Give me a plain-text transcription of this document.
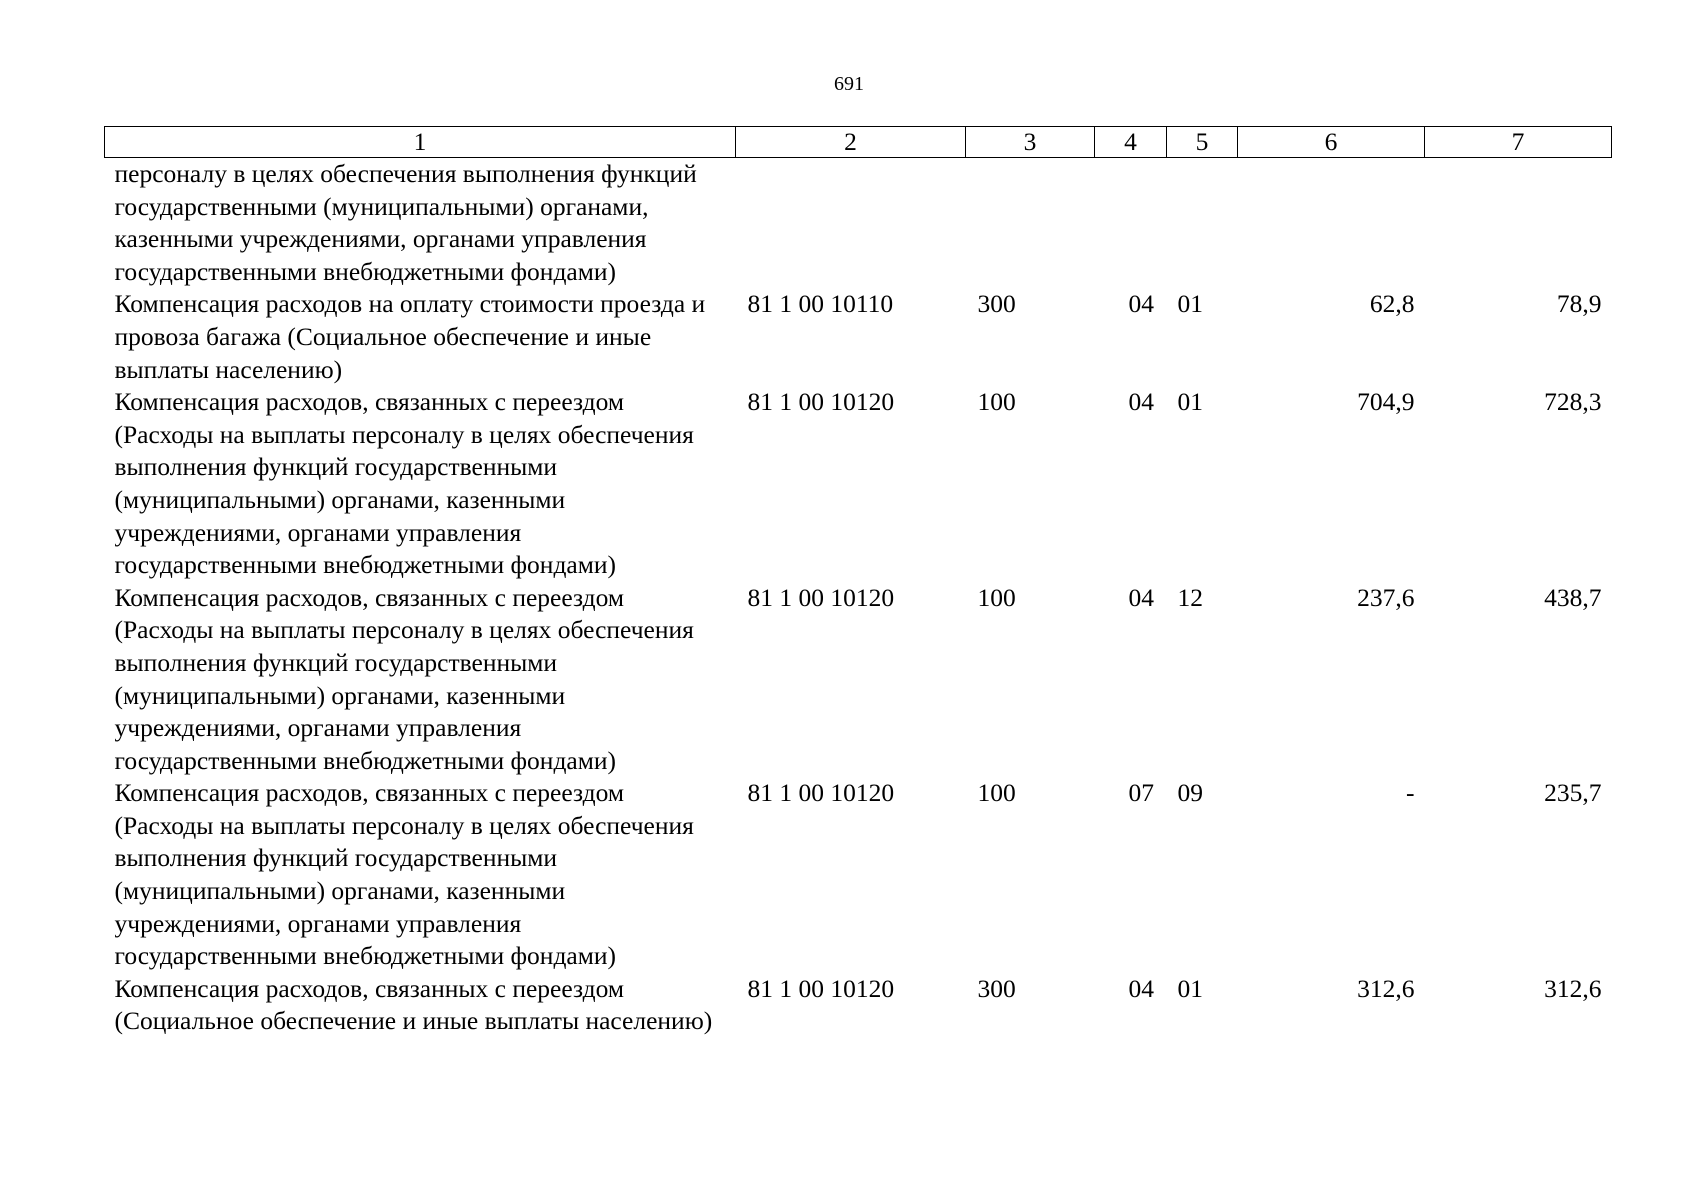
691
1	2	3	4	5	6	7
персоналу в целях обеспечения выполнения функций государственными (муниципальными) органами, казенными учреждениями, органами управления государственными внебюджетными фондами)						
Компенсация расходов на оплату стоимости проезда и провоза багажа (Социальное обеспечение и иные выплаты населению)	81 1 00 10110	300	04	01	62,8	78,9
Компенсация расходов, связанных с переездом (Расходы на выплаты персоналу в целях обеспечения выполнения функций государственными (муниципальными) органами, казенными учреждениями, органами управления государственными внебюджетными фондами)	81 1 00 10120	100	04	01	704,9	728,3
Компенсация расходов, связанных с переездом (Расходы на выплаты персоналу в целях обеспечения выполнения функций государственными (муниципальными) органами, казенными учреждениями, органами управления государственными внебюджетными фондами)	81 1 00 10120	100	04	12	237,6	438,7
Компенсация расходов, связанных с переездом (Расходы на выплаты персоналу в целях обеспечения выполнения функций государственными (муниципальными) органами, казенными учреждениями, органами управления государственными внебюджетными фондами)	81 1 00 10120	100	07	09	-	235,7
Компенсация расходов, связанных с переездом (Социальное обеспечение и иные выплаты населению)	81 1 00 10120	300	04	01	312,6	312,6
